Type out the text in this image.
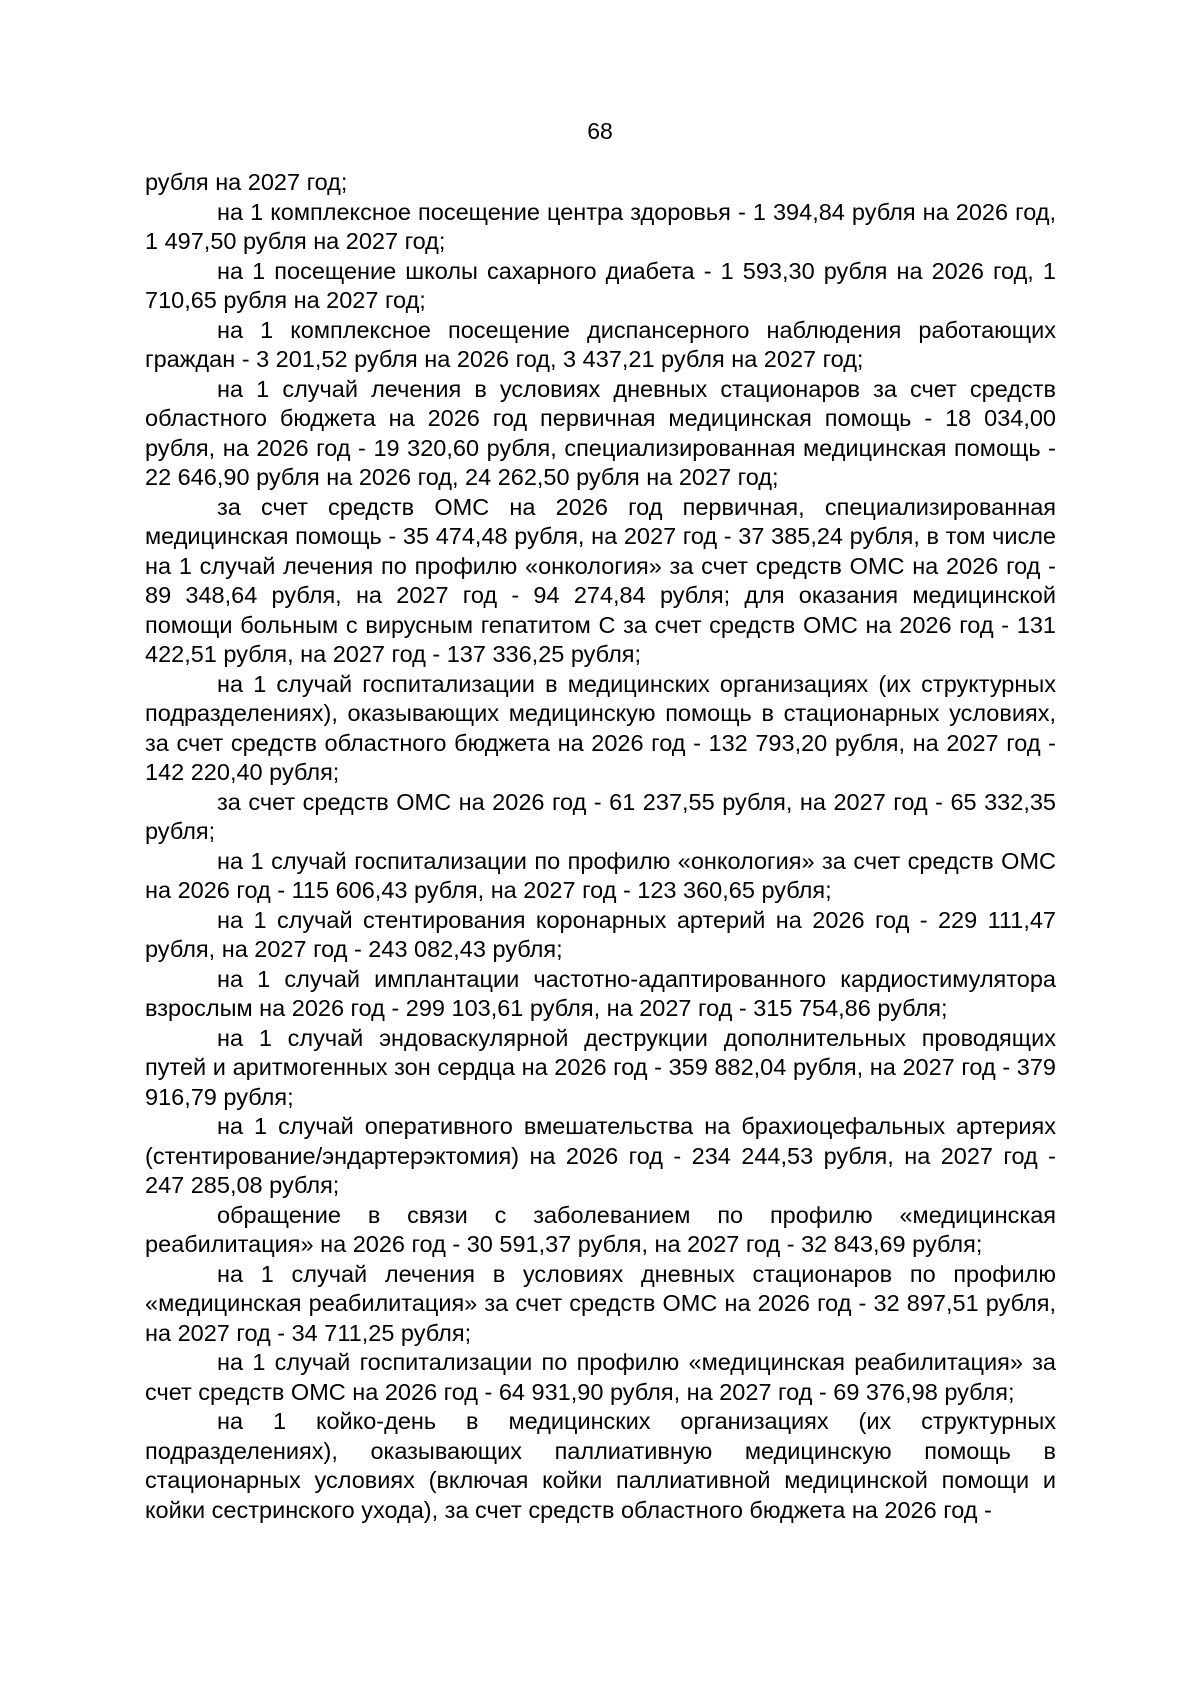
68

рубля на 2027 год;

на 1 комплексное посещение центра здоровья - 1 394,84 рубля на 2026 год, 1 497,50 рубля на 2027 год;

на 1 посещение школы сахарного диабета - 1 593,30 рубля на 2026 год, 1 710,65 рубля на 2027 год;

на 1 комплексное посещение диспансерного наблюдения работающих граждан - 3 201,52 рубля на 2026 год, 3 437,21 рубля на 2027 год;

на 1 случай лечения в условиях дневных стационаров за счет средств областного бюджета на 2026 год первичная медицинская помощь - 18 034,00 рубля, на 2026 год - 19 320,60 рубля, специализированная медицинская помощь - 22 646,90 рубля на 2026 год, 24 262,50 рубля на 2027 год;

за счет средств ОМС на 2026 год первичная, специализированная медицинская помощь - 35 474,48 рубля, на 2027 год - 37 385,24 рубля, в том числе на 1 случай лечения по профилю «онкология» за счет средств ОМС на 2026 год - 89 348,64 рубля, на 2027 год - 94 274,84 рубля; для оказания медицинской помощи больным с вирусным гепатитом С за счет средств ОМС на 2026 год - 131 422,51 рубля, на 2027 год - 137 336,25 рубля;

на 1 случай госпитализации в медицинских организациях (их структурных подразделениях), оказывающих медицинскую помощь в стационарных условиях, за счет средств областного бюджета на 2026 год - 132 793,20 рубля, на 2027 год - 142 220,40 рубля;

за счет средств ОМС на 2026 год - 61 237,55 рубля, на 2027 год - 65 332,35 рубля;

на 1 случай госпитализации по профилю «онкология» за счет средств ОМС на 2026 год - 115 606,43 рубля, на 2027 год - 123 360,65 рубля;

на 1 случай стентирования коронарных артерий на 2026 год - 229 111,47 рубля, на 2027 год - 243 082,43 рубля;

на 1 случай имплантации частотно-адаптированного кардиостимулятора взрослым на 2026 год - 299 103,61 рубля, на 2027 год - 315 754,86 рубля;

на 1 случай эндоваскулярной деструкции дополнительных проводящих путей и аритмогенных зон сердца на 2026 год - 359 882,04 рубля, на 2027 год - 379 916,79 рубля;

на 1 случай оперативного вмешательства на брахиоцефальных артериях (стентирование/эндартерэктомия) на 2026 год - 234 244,53 рубля, на 2027 год - 247 285,08 рубля;

обращение в связи с заболеванием по профилю «медицинская реабилитация» на 2026 год - 30 591,37 рубля, на 2027 год - 32 843,69 рубля;

на 1 случай лечения в условиях дневных стационаров по профилю «медицинская реабилитация» за счет средств ОМС на 2026 год - 32 897,51 рубля, на 2027 год - 34 711,25 рубля;

на 1 случай госпитализации по профилю «медицинская реабилитация» за счет средств ОМС на 2026 год - 64 931,90 рубля, на 2027 год - 69 376,98 рубля;

на 1 койко-день в медицинских организациях (их структурных подразделениях), оказывающих паллиативную медицинскую помощь в стационарных условиях (включая койки паллиативной медицинской помощи и койки сестринского ухода), за счет средств областного бюджета на 2026 год -
